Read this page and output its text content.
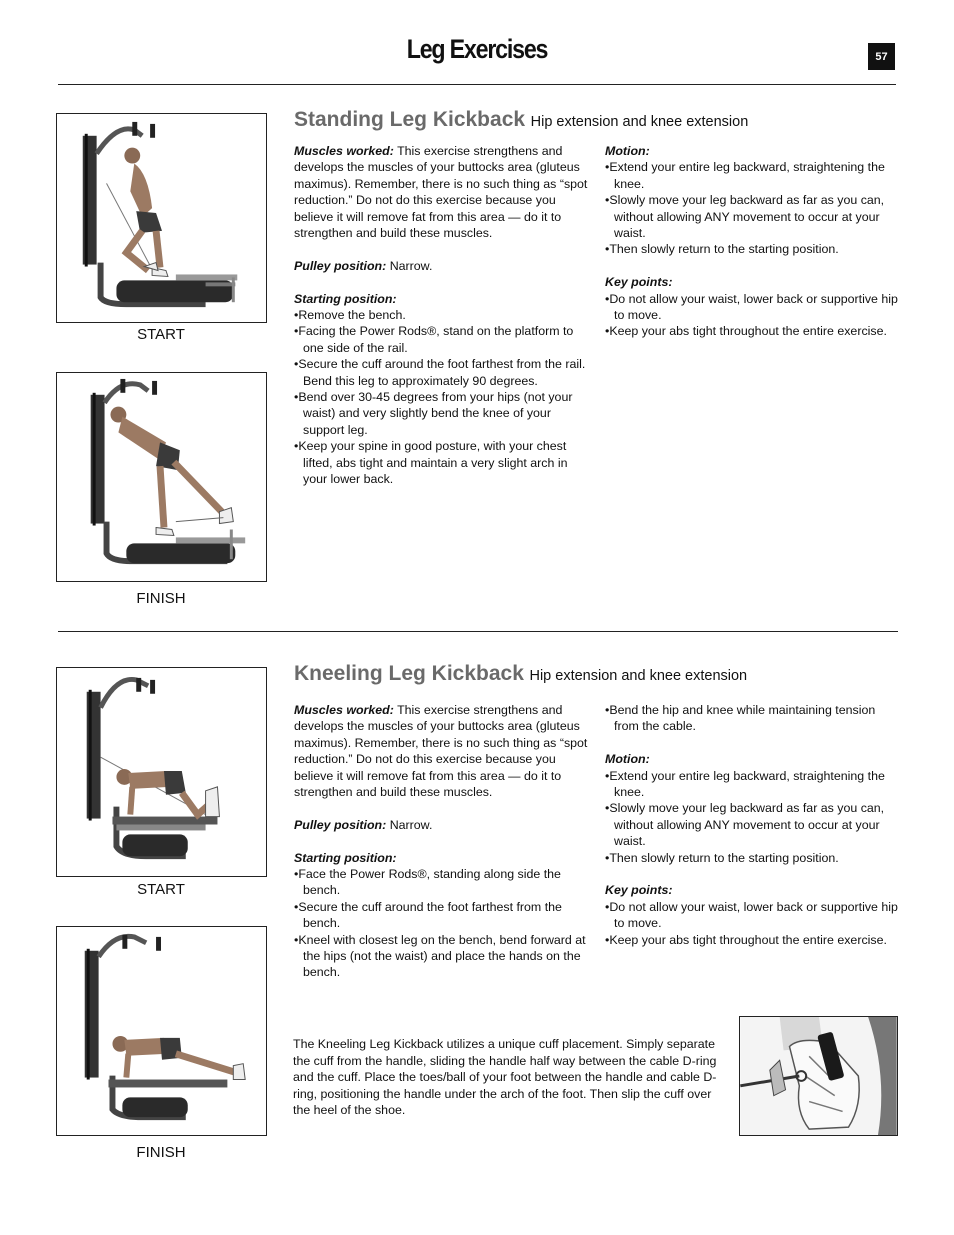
Leg Exercises	57
START
FINISH
Standing Leg Kickback Hip extension and knee extension

Muscles worked: This exercise strengthens and develops the muscles of your buttocks area (gluteus maximus). Remember, there is no such thing as “spot reduction.” Do not do this exercise because you believe it will remove fat from this area — do it to strengthen and build these muscles.

Pulley position: Narrow.

Starting position:

• Remove the bench.
• Facing the Power Rods®, stand on the platform to one side of the rail.
• Secure the cuff around the foot farthest from the rail. Bend this leg to approximately 90 degrees.
• Bend over 30-45 degrees from your hips (not your waist) and very slightly bend the knee of your support leg.
• Keep your spine in good posture, with your chest lifted, abs tight and maintain a very slight arch in your lower back.

Motion:

• Extend your entire leg backward, straightening the knee.
• Slowly move your leg backward as far as you can, without allowing ANY movement to occur at your waist.
• Then slowly return to the starting position.

Key points:

• Do not allow your waist, lower back or supportive hip to move.
• Keep your abs tight throughout the entire exercise.
START
FINISH
Kneeling Leg Kickback Hip extension and knee extension

Muscles worked: This exercise strengthens and develops the muscles of your buttocks area (gluteus maximus). Remember, there is no such thing as “spot reduction.” Do not do this exercise because you believe it will remove fat from this area — do it to strengthen and build these muscles.

Pulley position: Narrow.

Starting position:

• Face the Power Rods®, standing along side the bench.
• Secure the cuff around the foot farthest from the bench.
• Kneel with closest leg on the bench, bend forward at the hips (not the waist) and place the hands on the bench.
• Bend the hip and knee while maintaining tension from the cable.

Motion:

• Extend your entire leg backward, straightening the knee.
• Slowly move your leg backward as far as you can, without allowing ANY movement to occur at your waist.
• Then slowly return to the starting position.

Key points:

• Do not allow your waist, lower back or supportive hip to move.
• Keep your abs tight throughout the entire exercise.
The Kneeling Leg Kickback utilizes a unique cuff placement. Simply separate the cuff from the handle, sliding the handle half way between the cable D-ring and the cuff. Place the toes/ball of your foot between the handle and cable D-ring, positioning the handle under the arch of the foot. Then slip the cuff over the heel of the shoe.
